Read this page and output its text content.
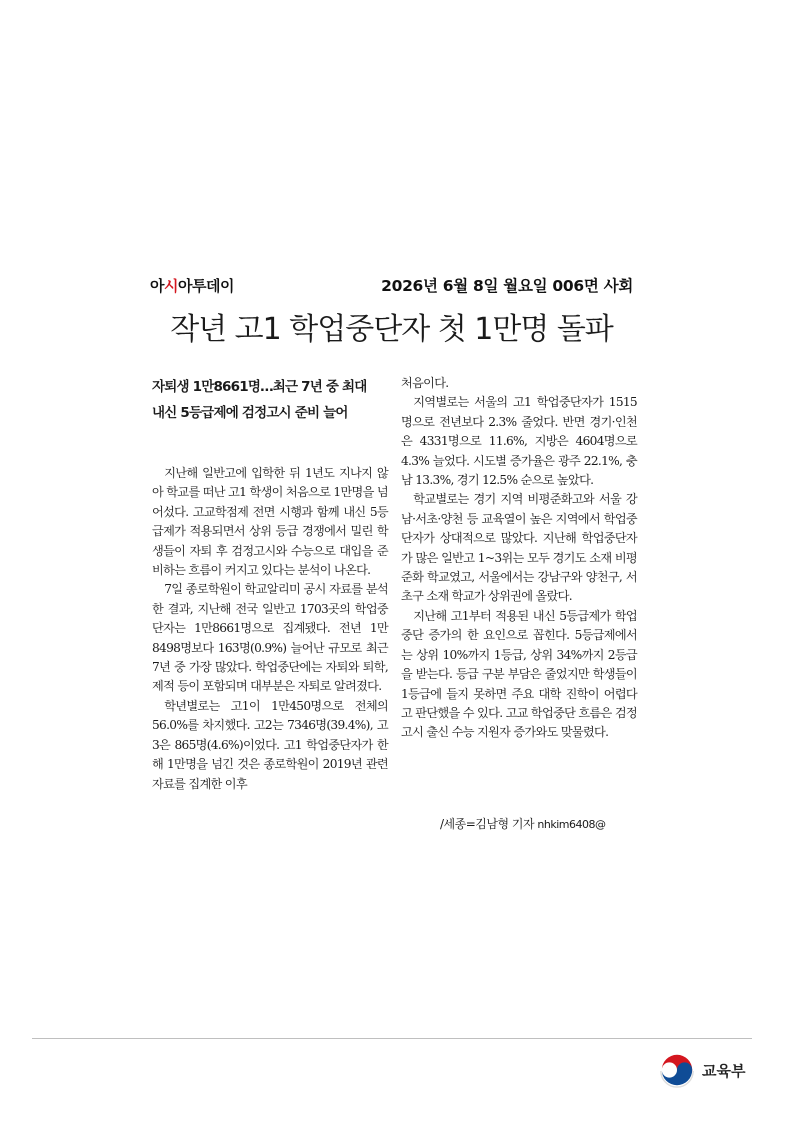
아시아투데이	2026년 6월 8일 월요일 006면 사회
작년 고1 학업중단자 첫 1만명 돌파

자퇴생 1만8661명…최근 7년 중 최대

내신 5등급제에 검정고시 준비 늘어

지난해 일반고에 입학한 뒤 1년도 지나지 않아 학교를 떠난 고1 학생이 처음으로 1만명을 넘어섰다. 고교학점제 전면 시행과 함께 내신 5등급제가 적용되면서 상위 등급 경쟁에서 밀린 학생들이 자퇴 후 검정고시와 수능으로 대입을 준비하는 흐름이 커지고 있다는 분석이 나온다.

7일 종로학원이 학교알리미 공시 자료를 분석한 결과, 지난해 전국 일반고 1703곳의 학업중단자는 1만8661명으로 집계됐다. 전년 1만8498명보다 163명(0.9%) 늘어난 규모로 최근 7년 중 가장 많았다. 학업중단에는 자퇴와 퇴학, 제적 등이 포함되며 대부분은 자퇴로 알려졌다.

학년별로는 고1이 1만450명으로 전체의 56.0%를 차지했다. 고2는 7346명(39.4%), 고3은 865명(4.6%)이었다. 고1 학업중단자가 한 해 1만명을 넘긴 것은 종로학원이 2019년 관련 자료를 집계한 이후

처음이다.

지역별로는 서울의 고1 학업중단자가 1515명으로 전년보다 2.3% 줄었다. 반면 경기·인천은 4331명으로 11.6%, 지방은 4604명으로 4.3% 늘었다. 시도별 증가율은 광주 22.1%, 충남 13.3%, 경기 12.5% 순으로 높았다.

학교별로는 경기 지역 비평준화고와 서울 강남·서초·양천 등 교육열이 높은 지역에서 학업중단자가 상대적으로 많았다. 지난해 학업중단자가 많은 일반고 1~3위는 모두 경기도 소재 비평준화 학교였고, 서울에서는 강남구와 양천구, 서초구 소재 학교가 상위권에 올랐다.

지난해 고1부터 적용된 내신 5등급제가 학업중단 증가의 한 요인으로 꼽힌다. 5등급제에서는 상위 10%까지 1등급, 상위 34%까지 2등급을 받는다. 등급 구분 부담은 줄었지만 학생들이 1등급에 들지 못하면 주요 대학 진학이 어렵다고 판단했을 수 있다. 고교 학업중단 흐름은 검정고시 출신 수능 지원자 증가와도 맞물렸다.

/세종=김남형 기자 nhkim6408@
교육부
